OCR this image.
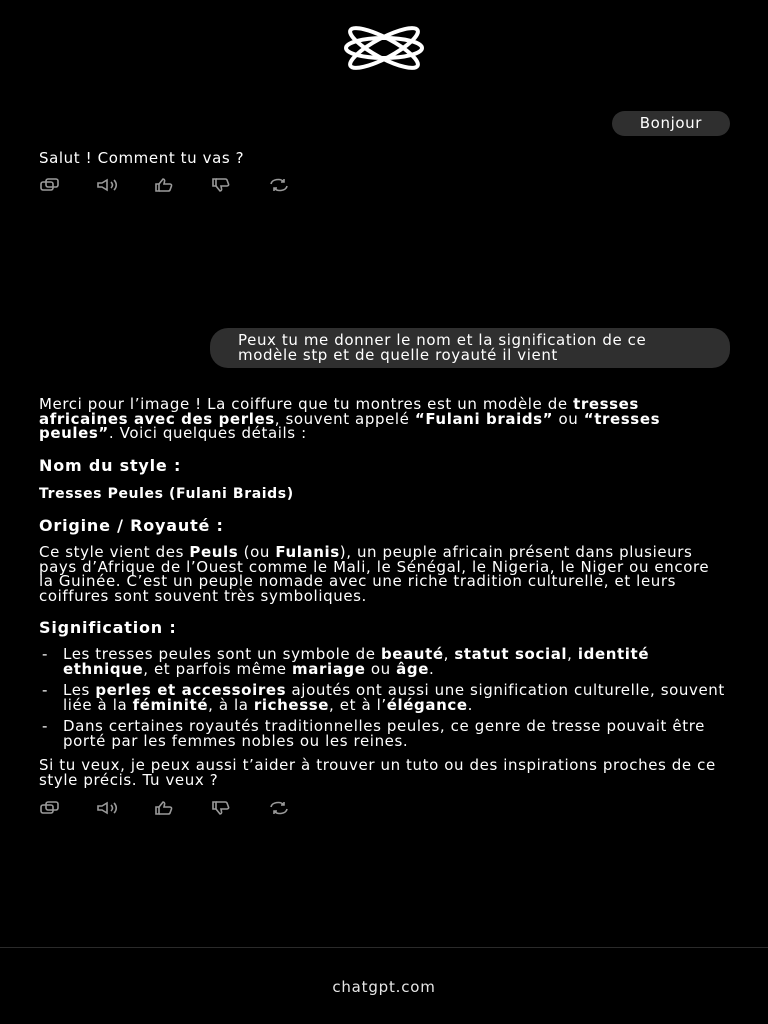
Bonjour

Salut ! Comment tu vas ?

Peux tu me donner le nom et la signification de ce modèle stp et de quelle royauté il vient

Merci pour l’image ! La coiffure que tu montres est un modèle de tresses africaines avec des perles, souvent appelé “Fulani braids” ou “tresses peules”. Voici quelques détails :

Nom du style :

Tresses Peules (Fulani Braids)

Origine / Royauté :

Ce style vient des Peuls (ou Fulanis), un peuple africain présent dans plusieurs pays d’Afrique de l’Ouest comme le Mali, le Sénégal, le Nigeria, le Niger ou encore la Guinée. C’est un peuple nomade avec une riche tradition culturelle, et leurs coiffures sont souvent très symboliques.

Signification :

- Les tresses peules sont un symbole de beauté, statut social, identité ethnique, et parfois même mariage ou âge.
- Les perles et accessoires ajoutés ont aussi une signification culturelle, souvent liée à la féminité, à la richesse, et à l’élégance.
- Dans certaines royautés traditionnelles peules, ce genre de tresse pouvait être porté par les femmes nobles ou les reines.

Si tu veux, je peux aussi t’aider à trouver un tuto ou des inspirations proches de ce style précis. Tu veux ?

chatgpt.com
